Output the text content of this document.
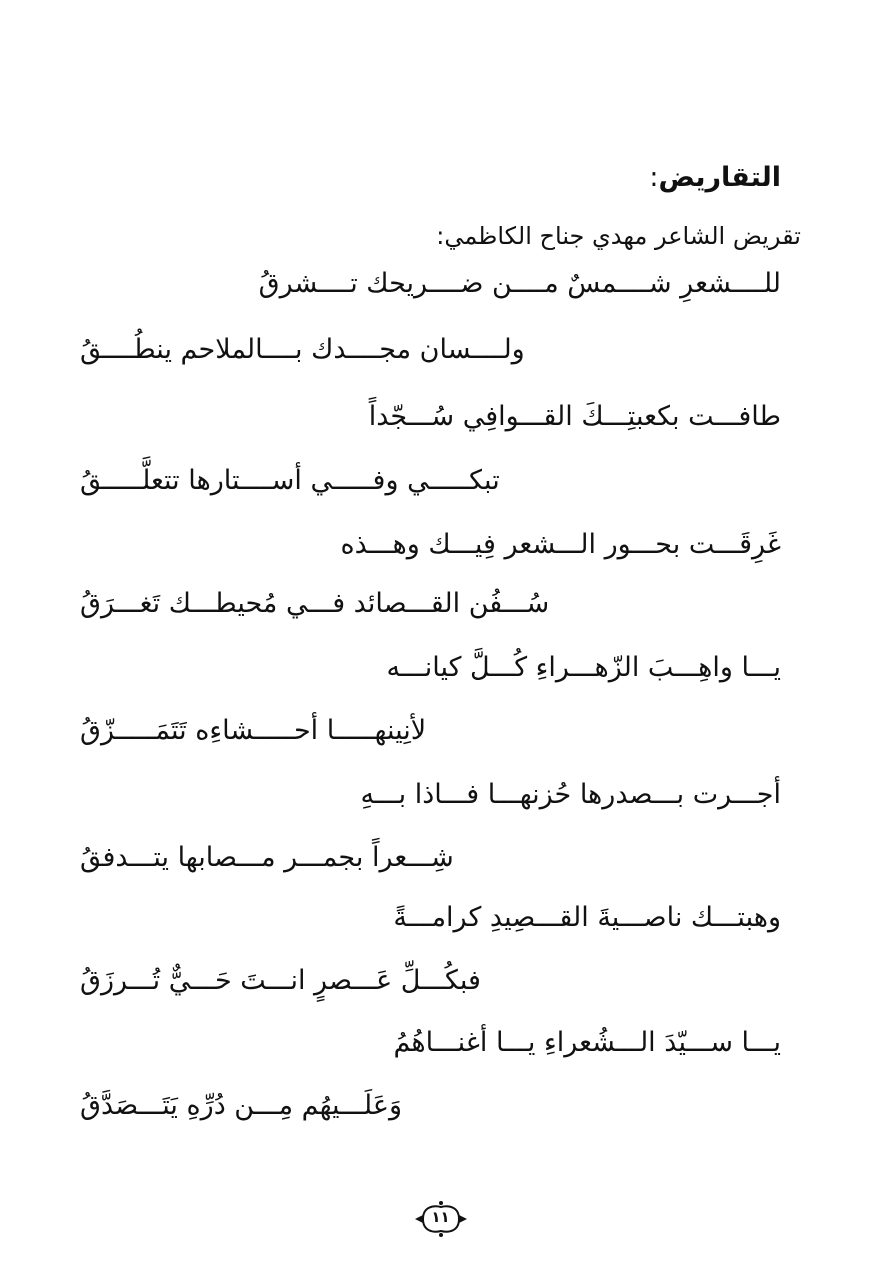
التقاريض:
تقريض الشاعر مهدي جناح الكاظمي:
للــــشعرِ شــــمسٌ مــــن ضــــريحك تــــشرقُ
ولــــسان مجــــدك بــــالملاحم ينطُــــقُ
طافـــت بكعبتِـــكَ القـــوافِي سُـــجّداً
تبكـــــي وفـــــي أســــتارها تتعلَّـــــقُ
غَرِقَـــت بحـــور الـــشعر فِيـــك وهـــذه
سُـــفُن القـــصائد فـــي مُحيطـــك تَغـــرَقُ
يـــا واهِـــبَ الزّهـــراءِ كُـــلَّ كيانـــه
لأنِينهـــــا أحـــــشاءِه تَتَمَـــــزّقُ
أجـــرت بـــصدرها حُزنهـــا فـــاذا بـــهِ
شِـــعراً بجمـــر مـــصابها يتـــدفقُ
وهبتـــك ناصـــيةَ القـــصِيدِ كرامـــةً
فبكُـــلِّ عَـــصرٍ انـــتَ حَـــيٌّ تُـــرزَقُ
يـــا ســـيّدَ الـــشُعراءِ يـــا أغنـــاهُمُ
وَعَلَـــيهُم مِـــن دُرِّهِ يَتَـــصَدَّقُ
١١
